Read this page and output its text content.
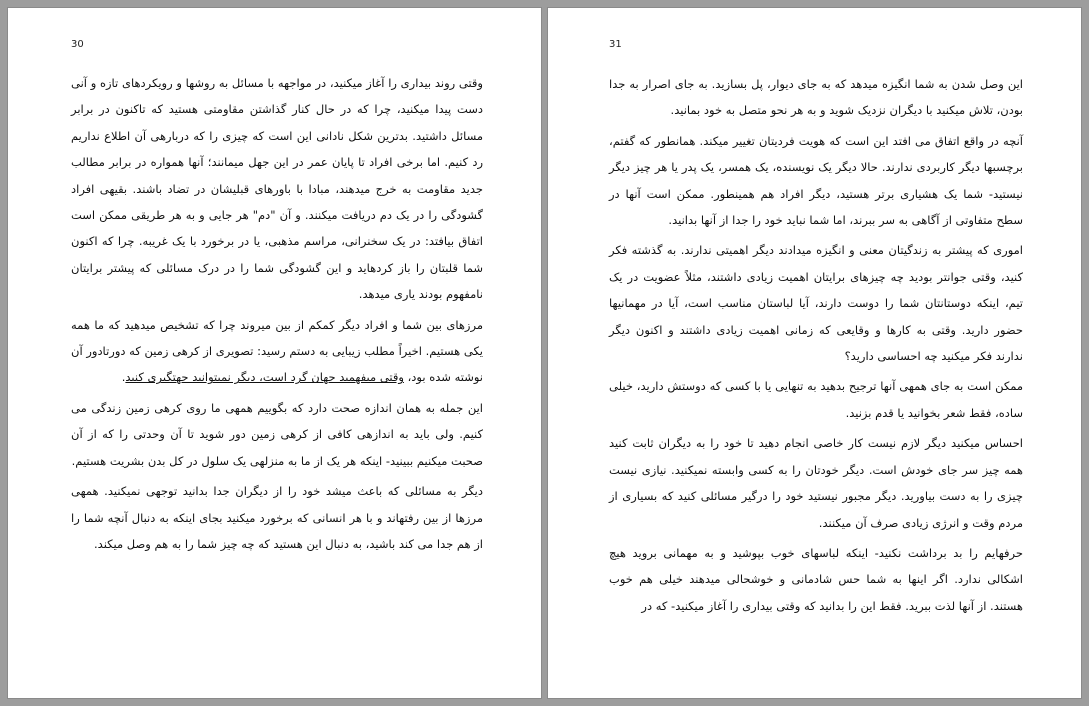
30

وقتی روند بیداری را آغاز میکنید، در مواجهه با مسائل به روشها و رویکردهای تازه و آنی دست پیدا میکنید، چرا که در حال کنار گذاشتن مقاومتی هستید که تاکنون در برابر مسائل داشتید. بدترین شکل نادانی این است که چیزی را که دربارهی آن اطلاع نداریم رد کنیم. اما برخی افراد تا پایان عمر در این جهل میمانند؛ آنها همواره در برابر مطالب جدید مقاومت به خرج میدهند، مبادا با باورهای قبلیشان در تضاد باشند. بقیهی افراد گشودگی را در یک دم دریافت میکنند. و آن "دم" هر جایی و به هر طریقی ممکن است اتفاق بیافتد: در یک سخنرانی، مراسم مذهبی، یا در برخورد با یک غریبه. چرا که اکنون شما قلبتان را باز کردهاید و این گشودگی شما را در درک مسائلی که پیشتر برایتان نامفهوم بودند یاری میدهد.

مرزهای بین شما و افراد دیگر کمکم از بین میروند چرا که تشخیص میدهید که ما همه یکی هستیم. اخیراً مطلب زیبایی به دستم رسید: تصویری از کرهی زمین که دورتادور آن نوشته شده بود، وقتی میفهمید جهان گرد است، دیگر نمیتوانید جهتگیری کنید.

این جمله به همان اندازه صحت دارد که بگوییم همهی ما روی کرهی زمین زندگی می کنیم. ولی باید به اندازهی کافی از کرهی زمین دور شوید تا آن وحدتی را که از آن صحبت میکنیم ببینید- اینکه هر یک از ما به منزلهی یک سلول در کل بدن بشریت هستیم.

دیگر به مسائلی که باعث میشد خود را از دیگران جدا بدانید توجهی نمیکنید. همهی مرزها از بین رفتهاند و با هر انسانی که برخورد میکنید بجای اینکه به دنبال آنچه شما را از هم جدا می کند باشید، به دنبال این هستید که چه چیز شما را به هم وصل میکند.

31

این وصل شدن به شما انگیزه میدهد که به جای دیوار، پل بسازید. به جای اصرار به جدا بودن، تلاش میکنید با دیگران نزدیک شوید و به هر نحو متصل به خود بمانید.

آنچه در واقع اتفاق می افتد این است که هویت فردیتان تغییر میکند. همانطور که گفتم، برچسبها دیگر کاربردی ندارند. حالا دیگر یک نویسنده، یک همسر، یک پدر یا هر چیز دیگر نیستید- شما یک هشیاری برتر هستید، دیگر افراد هم همینطور. ممکن است آنها در سطح متفاوتی از آگاهی به سر ببرند، اما شما نباید خود را جدا از آنها بدانید.

اموری که پیشتر به زندگیتان معنی و انگیزه میدادند دیگر اهمیتی ندارند. به گذشته فکر کنید، وقتی جوانتر بودید چه چیزهای برایتان اهمیت زیادی داشتند، مثلاً عضویت در یک تیم، اینکه دوستانتان شما را دوست دارند، آیا لباستان مناسب است، آیا در مهمانیها حضور دارید. وقتی به کارها و وقایعی که زمانی اهمیت زیادی داشتند و اکنون دیگر ندارند فکر میکنید چه احساسی دارید؟

ممکن است به جای همهی آنها ترجیح بدهید به تنهایی یا با کسی که دوستش دارید، خیلی ساده، فقط شعر بخوانید یا قدم بزنید.

احساس میکنید دیگر لازم نیست کار خاصی انجام دهید تا خود را به دیگران ثابت کنید همه چیز سر جای خودش است. دیگر خودتان را به کسی وابسته نمیکنید. نیازی نیست چیزی را به دست بیاورید. دیگر مجبور نیستید خود را درگیر مسائلی کنید که بسیاری از مردم وقت و انرژی زیادی صرف آن میکنند.

حرفهایم را بد برداشت نکنید- اینکه لباسهای خوب بپوشید و به مهمانی بروید هیچ اشکالی ندارد. اگر اینها به شما حس شادمانی و خوشحالی میدهند خیلی هم خوب هستند. از آنها لذت ببرید. فقط این را بدانید که وقتی بیداری را آغاز میکنید- که در
